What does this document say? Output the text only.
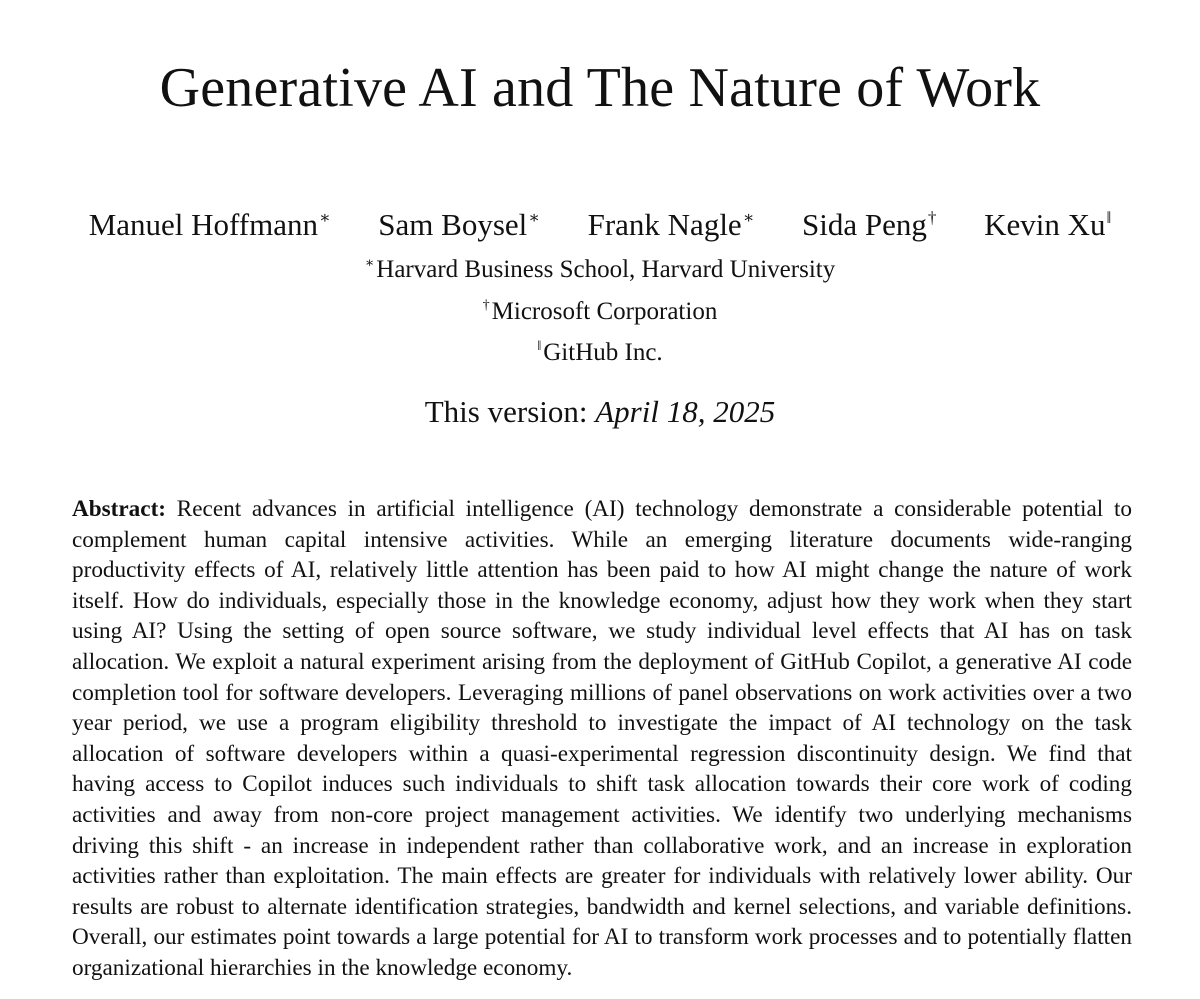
Generative AI and The Nature of Work
Manuel Hoffmann∗ Sam Boysel∗ Frank Nagle∗ Sida Peng† Kevin Xu‖
∗Harvard Business School, Harvard University
†Microsoft Corporation
‖GitHub Inc.
This version: April 18, 2025
Abstract: Recent advances in artificial intelligence (AI) technology demonstrate a considerable potential to complement human capital intensive activities. While an emerging literature documents wide-ranging productivity effects of AI, relatively little attention has been paid to how AI might change the nature of work itself. How do individuals, especially those in the knowledge economy, adjust how they work when they start using AI? Using the setting of open source software, we study individual level effects that AI has on task allocation. We exploit a natural experiment arising from the deployment of GitHub Copilot, a generative AI code completion tool for software developers. Leveraging millions of panel observations on work activities over a two year period, we use a program eligibility threshold to investigate the impact of AI technology on the task allocation of software developers within a quasi-experimental regression discontinuity design. We find that having access to Copilot induces such individuals to shift task allocation towards their core work of coding activities and away from non-core project management activities. We identify two underlying mechanisms driving this shift - an increase in independent rather than collaborative work, and an increase in exploration activities rather than exploitation. The main effects are greater for individuals with relatively lower ability. Our results are robust to alternate identification strategies, bandwidth and kernel selections, and variable definitions. Overall, our estimates point towards a large potential for AI to transform work processes and to potentially flatten organizational hierarchies in the knowledge economy.
